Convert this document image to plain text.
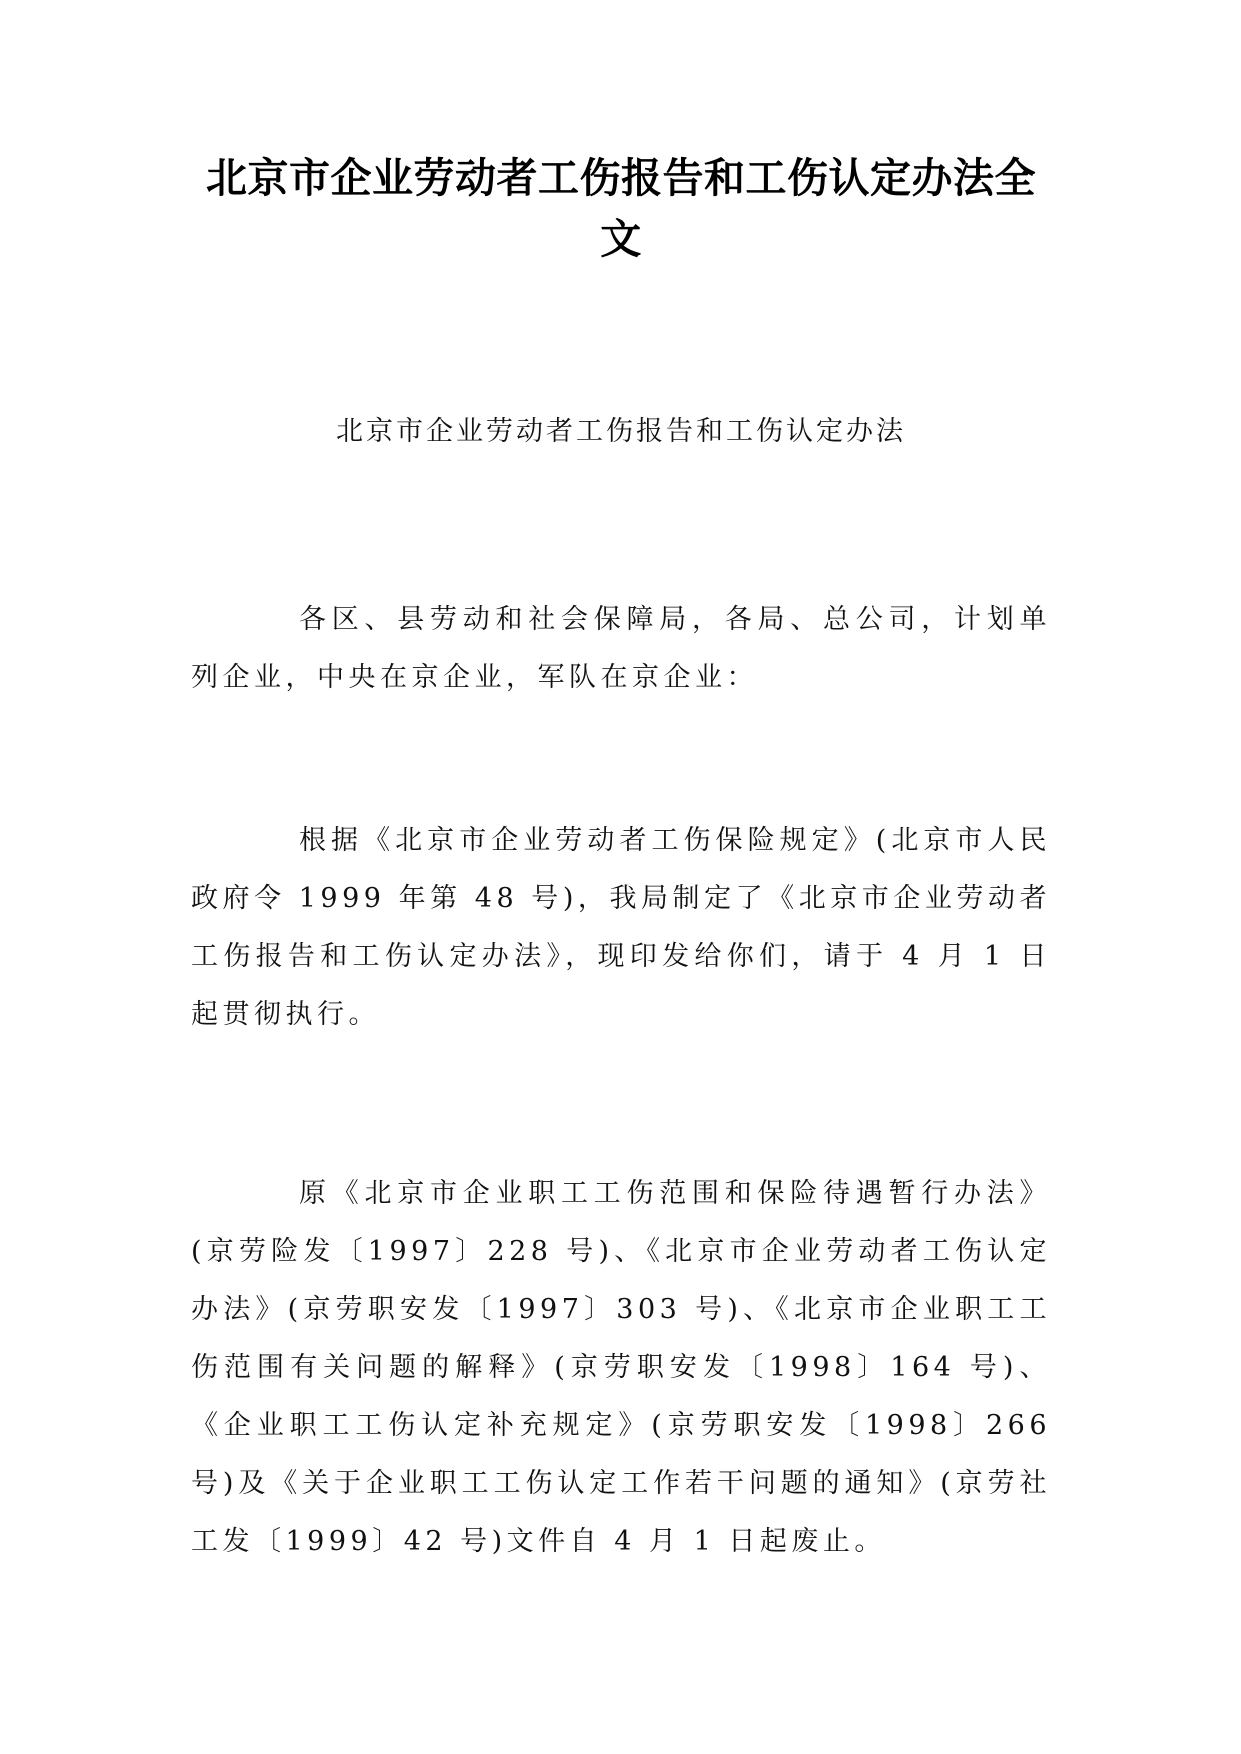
北京市企业劳动者工伤报告和工伤认定办法全文

北京市企业劳动者工伤报告和工伤认定办法

各区、县劳动和社会保障局，各局、总公司，计划单列企业，中央在京企业，军队在京企业：

根据《北京市企业劳动者工伤保险规定》(北京市人民政府令 1999 年第 48 号)，我局制定了《北京市企业劳动者工伤报告和工伤认定办法》，现印发给你们，请于 4 月 1 日起贯彻执行。

原《北京市企业职工工伤范围和保险待遇暂行办法》(京劳险发〔1997〕228 号)、《北京市企业劳动者工伤认定办法》(京劳职安发〔1997〕303 号)、《北京市企业职工工伤范围有关问题的解释》(京劳职安发〔1998〕164 号)、《企业职工工伤认定补充规定》(京劳职安发〔1998〕266 号)及《关于企业职工工伤认定工作若干问题的通知》(京劳社工发〔1999〕42 号)文件自 4 月 1 日起废止。
